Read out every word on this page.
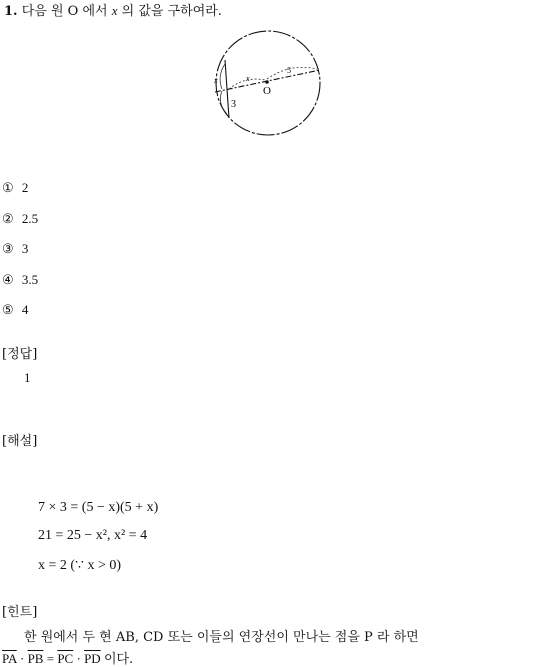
1. 다음 원 O 에서 x 의 값을 구하여라.
O
x
5
3
x
① 2
② 2.5
③ 3
④ 3.5
⑤ 4
[정답]
1
[해설]
7 × 3 = (5 − x)(5 + x)
21 = 25 − x², x² = 4
x = 2 (∵ x > 0)
[힌트]
한 원에서 두 현 AB, CD 또는 이들의 연장선이 만나는 점을 P 라 하면
$\overline{PA} \cdot \overline{PB} = \overline{PC} \cdot \overline{PD}$ 이다.
